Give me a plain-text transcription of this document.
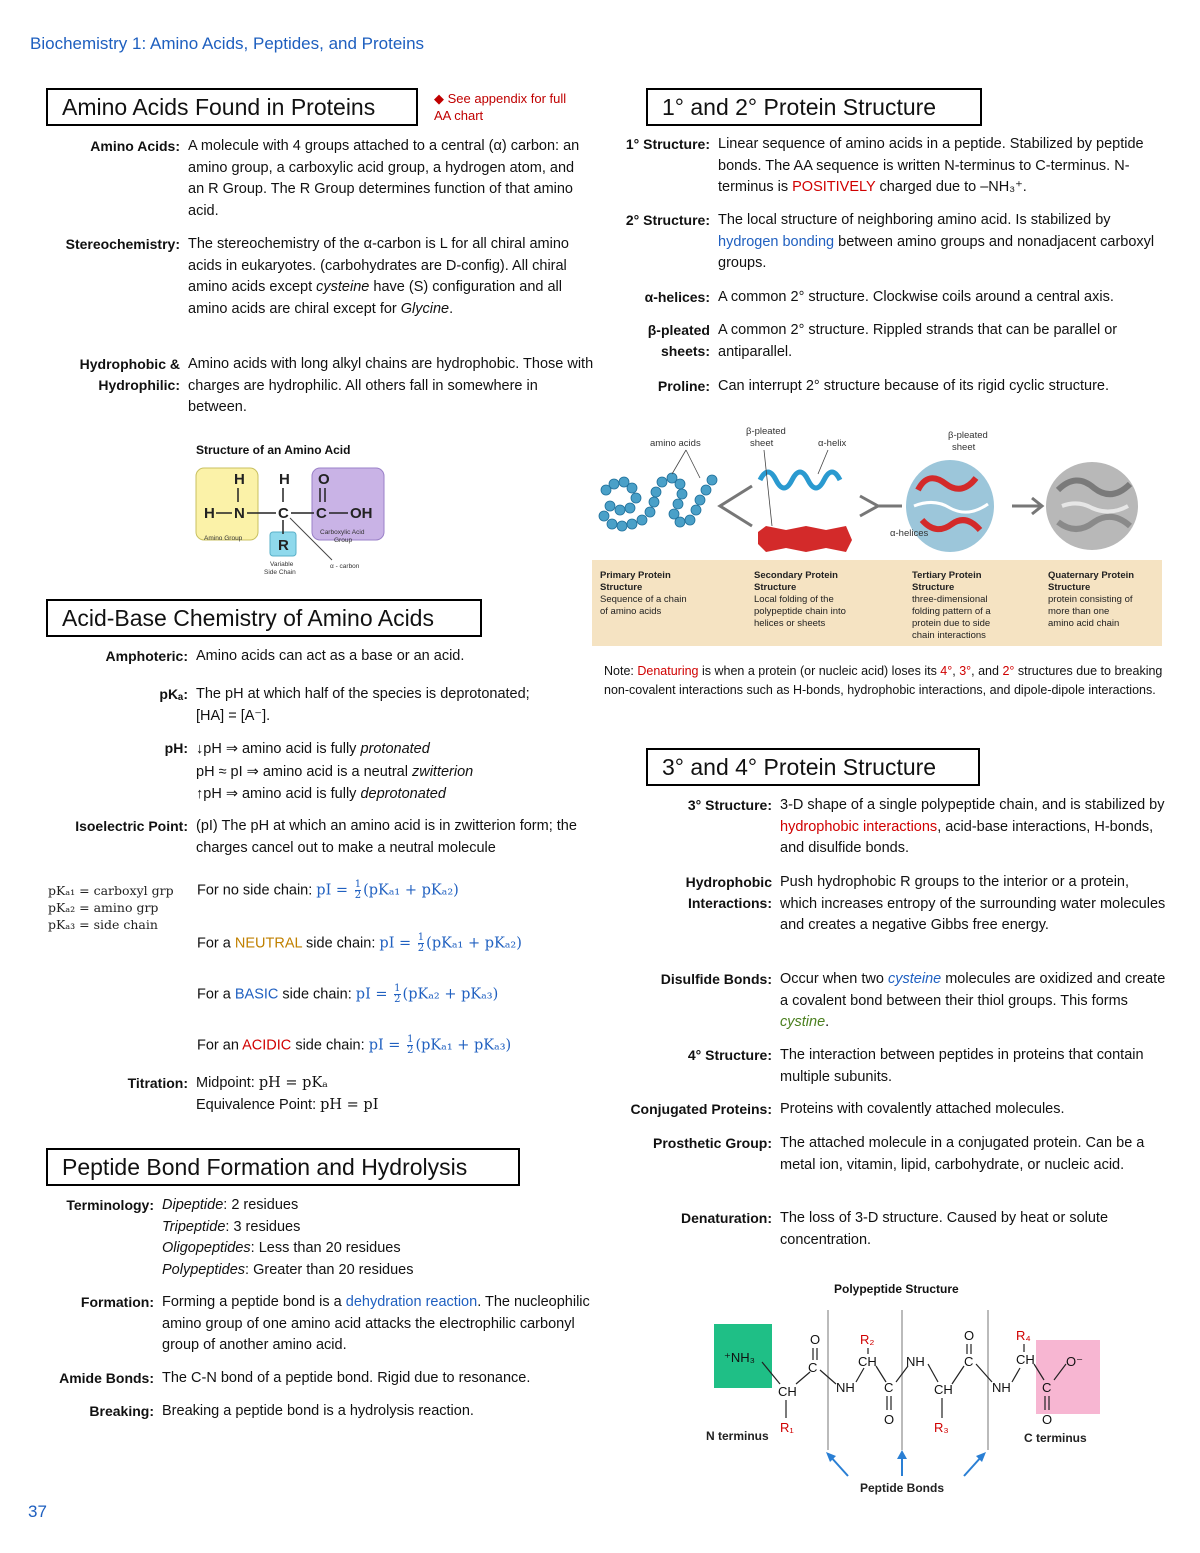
Biochemistry 1: Amino Acids, Peptides, and Proteins
Amino Acids Found in Proteins	◆ See appendix for full AA chart
Amino Acids: A molecule with 4 groups attached to a central (α) carbon: an amino group, a carboxylic acid group, a hydrogen atom, and an R Group. The R Group determines function of that amino acid.
Stereochemistry: The stereochemistry of the α-carbon is L for all chiral amino acids in eukaryotes. (carbohydrates are D-config). All chiral amino acids except cysteine have (S) configuration and all amino acids are chiral except for Glycine.
Hydrophobic &
Hydrophilic:
Amino acids with long alkyl chains are hydrophobic. Those with charges are hydrophilic. All others fall in somewhere in between.
Structure of an Amino Acid
H H O
H N C C OH
R
Amino Group
Carboxylic Acid
Group
Variable
Side Chain
α - carbon
Acid-Base Chemistry of Amino Acids
Amphoteric: Amino acids can act as a base or an acid.
pKₐ: The pH at which half of the species is deprotonated;
[HA] = [A⁻].
pH: ↓pH ⇒ amino acid is fully protonated
pH ≈ pI ⇒ amino acid is a neutral zwitterion
↑pH ⇒ amino acid is fully deprotonated
Isoelectric Point: (pI) The pH at which an amino acid is in zwitterion form; the charges cancel out to make a neutral molecule
pKₐ₁ = carboxyl grp
pKₐ₂ = amino grp
pKₐ₃ = side chain
For no side chain: pI = $\frac{1}{2} (pK_{a1} + pK_{a2})$
For a NEUTRAL side chain: pI = $\frac{1}{2} (pK_{a1} + pK_{a2})$
For a BASIC side chain: pI = $\frac{1}{2} (pK_{a2} + pK_{a3})$
For an ACIDIC side chain: pI = $\frac{1}{2} (pK_{a1} + pK_{a3})$
Titration: Midpoint: pH = pKₐ
Equivalence Point: pH = pI
Peptide Bond Formation and Hydrolysis
Terminology: Dipeptide: 2 residues
Tripeptide: 3 residues
Oligopeptides: Less than 20 residues
Polypeptides: Greater than 20 residues
Formation: Forming a peptide bond is a dehydration reaction. The nucleophilic amino group of one amino acid attacks the electrophilic carbonyl group of another amino acid.
Amide Bonds: The C-N bond of a peptide bond. Rigid due to resonance.
Breaking: Breaking a peptide bond is a hydrolysis reaction.
37
1° and 2° Protein Structure
1° Structure: Linear sequence of amino acids in a peptide. Stabilized by peptide bonds. The AA sequence is written N-terminus to C-terminus. N-terminus is POSITIVELY charged due to –NH₃⁺.
2° Structure: The local structure of neighboring amino acid. Is stabilized by hydrogen bonding between amino groups and nonadjacent carboxyl groups.
α-helices: A common 2° structure. Clockwise coils around a central axis.
β-pleated
sheets:
A common 2° structure. Rippled strands that can be parallel or antiparallel.
Proline: Can interrupt 2° structure because of its rigid cyclic structure.
amino acids
β-pleated
sheet	α-helix
β-pleated
sheet
α-helices
Primary Protein
Structure
Sequence of a chain
of amino acids
Secondary Protein
Structure
Local folding of the
polypeptide chain into
helices or sheets
Tertiary Protein
Structure
three-dimensional
folding pattern of a
protein due to side
chain interactions
Quaternary Protein
Structure
protein consisting of
more than one
amino acid chain
Note: Denaturing is when a protein (or nucleic acid) loses its 4°, 3°, and 2° structures due to breaking non-covalent interactions such as H-bonds, hydrophobic interactions, and dipole-dipole interactions.
3° and 4° Protein Structure
3° Structure: 3-D shape of a single polypeptide chain, and is stabilized by hydrophobic interactions, acid-base interactions, H-bonds, and disulfide bonds.
Hydrophobic
Interactions:
Push hydrophobic R groups to the interior or a protein, which increases entropy of the surrounding water molecules and creates a negative Gibbs free energy.
Disulfide Bonds: Occur when two cysteine molecules are oxidized and create a covalent bond between their thiol groups. This forms cystine.
4° Structure: The interaction between peptides in proteins that contain multiple subunits.
Conjugated Proteins: Proteins with covalently attached molecules.
Prosthetic Group: The attached molecule in a conjugated protein. Can be a metal ion, vitamin, lipid, carbohydrate, or nucleic acid.
Denaturation: The loss of 3-D structure. Caused by heat or solute concentration.
Polypeptide Structure
⁺NH₃
CH
C
O
NH
CH
C
O
NH
CH
C
O
NH
CH
C
O⁻
O
R₁
R₂
R₃
R₄
N terminus	C terminus
Peptide Bonds
